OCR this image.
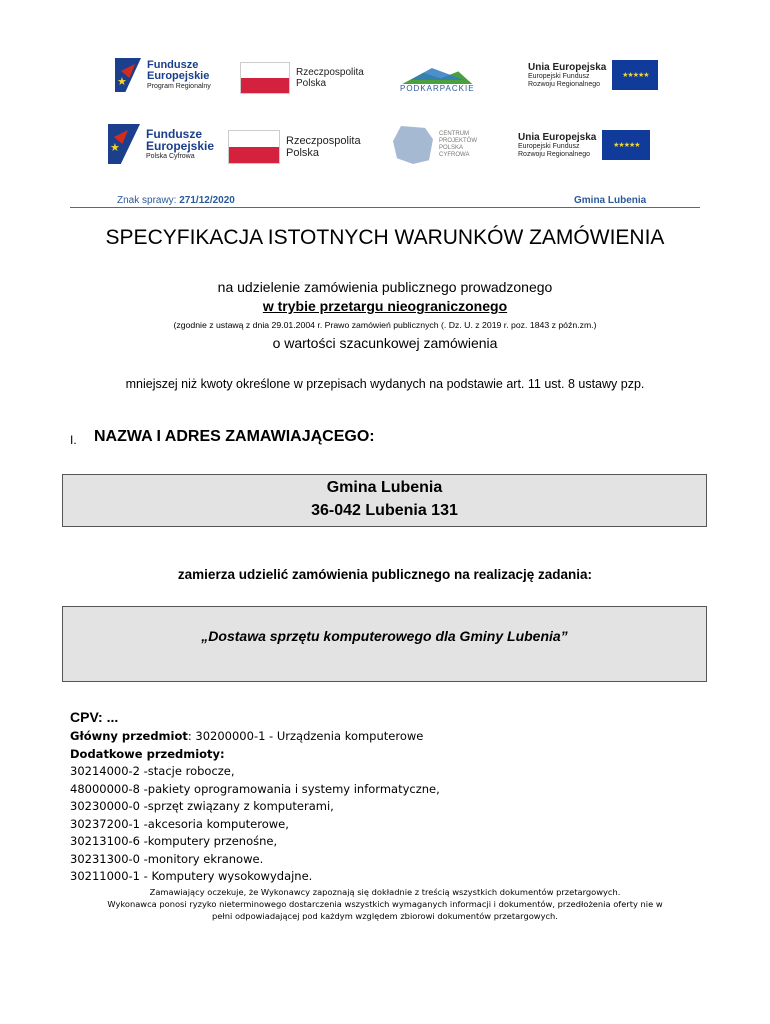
★
Fundusze
Europejskie
Program Regionalny
Rzeczpospolita
Polska	PODKARPACKIE
Unia Europejska
Europejski Fundusz
Rozwoju Regionalnego
★★★★★
★
Fundusze
Europejskie
Polska Cyfrowa
Rzeczpospolita
Polska
CENTRUM
PROJEKTÓW
POLSKA
CYFROWA
Unia Europejska
Europejski Fundusz
Rozwoju Regionalnego
★★★★★
Znak sprawy: 271/12/2020	Gmina Lubenia
SPECYFIKACJA ISTOTNYCH WARUNKÓW ZAMÓWIENIA
na udzielenie zamówienia publicznego prowadzonego
w trybie przetargu nieograniczonego
(zgodnie z ustawą z dnia 29.01.2004 r. Prawo zamówień publicznych (. Dz. U. z 2019 r. poz. 1843 z późn.zm.)
o wartości szacunkowej zamówienia
mniejszej niż kwoty określone w przepisach wydanych na podstawie art. 11 ust. 8 ustawy pzp.
I. NAZWA I ADRES ZAMAWIAJĄCEGO:
Gmina Lubenia
36-042 Lubenia 131
zamierza udzielić zamówienia publicznego na realizację zadania:
„Dostawa sprzętu komputerowego dla Gminy Lubenia”
CPV: ...
Główny przedmiot: 30200000-1 - Urządzenia komputerowe
Dodatkowe przedmioty:
30214000-2 -stacje robocze,
48000000-8 -pakiety oprogramowania i systemy informatyczne,
30230000-0 -sprzęt związany z komputerami,
30237200-1 -akcesoria komputerowe,
30213100-6 -komputery przenośne,
30231300-0 -monitory ekranowe.
30211000-1 - Komputery wysokowydajne.
Zamawiający oczekuje, że Wykonawcy zapoznają się dokładnie z treścią wszystkich dokumentów przetargowych.
Wykonawca ponosi ryzyko nieterminowego dostarczenia wszystkich wymaganych informacji i dokumentów, przedłożenia oferty nie w
pełni odpowiadającej pod każdym względem zbiorowi dokumentów przetargowych.
